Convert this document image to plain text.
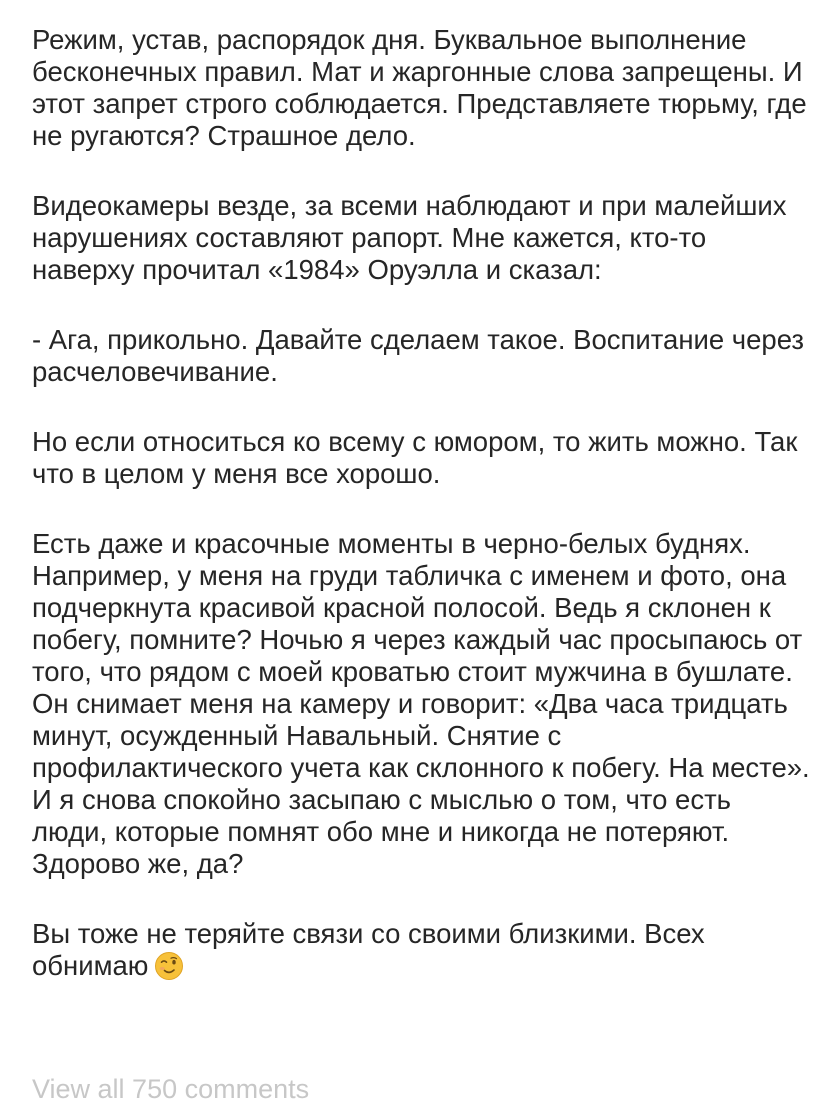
Режим, устав, распорядок дня. Буквальное выполнение бесконечных правил. Мат и жаргонные слова запрещены. И этот запрет строго соблюдается. Представляете тюрьму, где не ругаются? Страшное дело.

Видеокамеры везде, за всеми наблюдают и при малейших нарушениях составляют рапорт. Мне кажется, кто-то наверху прочитал «1984» Оруэлла и сказал:

- Ага, прикольно. Давайте сделаем такое. Воспитание через расчеловечивание.

Но если относиться ко всему с юмором, то жить можно. Так что в целом у меня все хорошо.

Есть даже и красочные моменты в черно-белых буднях. Например, у меня на груди табличка с именем и фото, она подчеркнута красивой красной полосой. Ведь я склонен к побегу, помните? Ночью я через каждый час просыпаюсь от того, что рядом с моей кроватью стоит мужчина в бушлате. Он снимает меня на камеру и говорит: «Два часа тридцать минут, осужденный Навальный. Снятие с профилактического учета как склонного к побегу. На месте». И я снова спокойно засыпаю с мыслью о том, что есть люди, которые помнят обо мне и никогда не потеряют. Здорово же, да?

Вы тоже не теряйте связи со своими близкими. Всех обнимаю

View all 750 comments
